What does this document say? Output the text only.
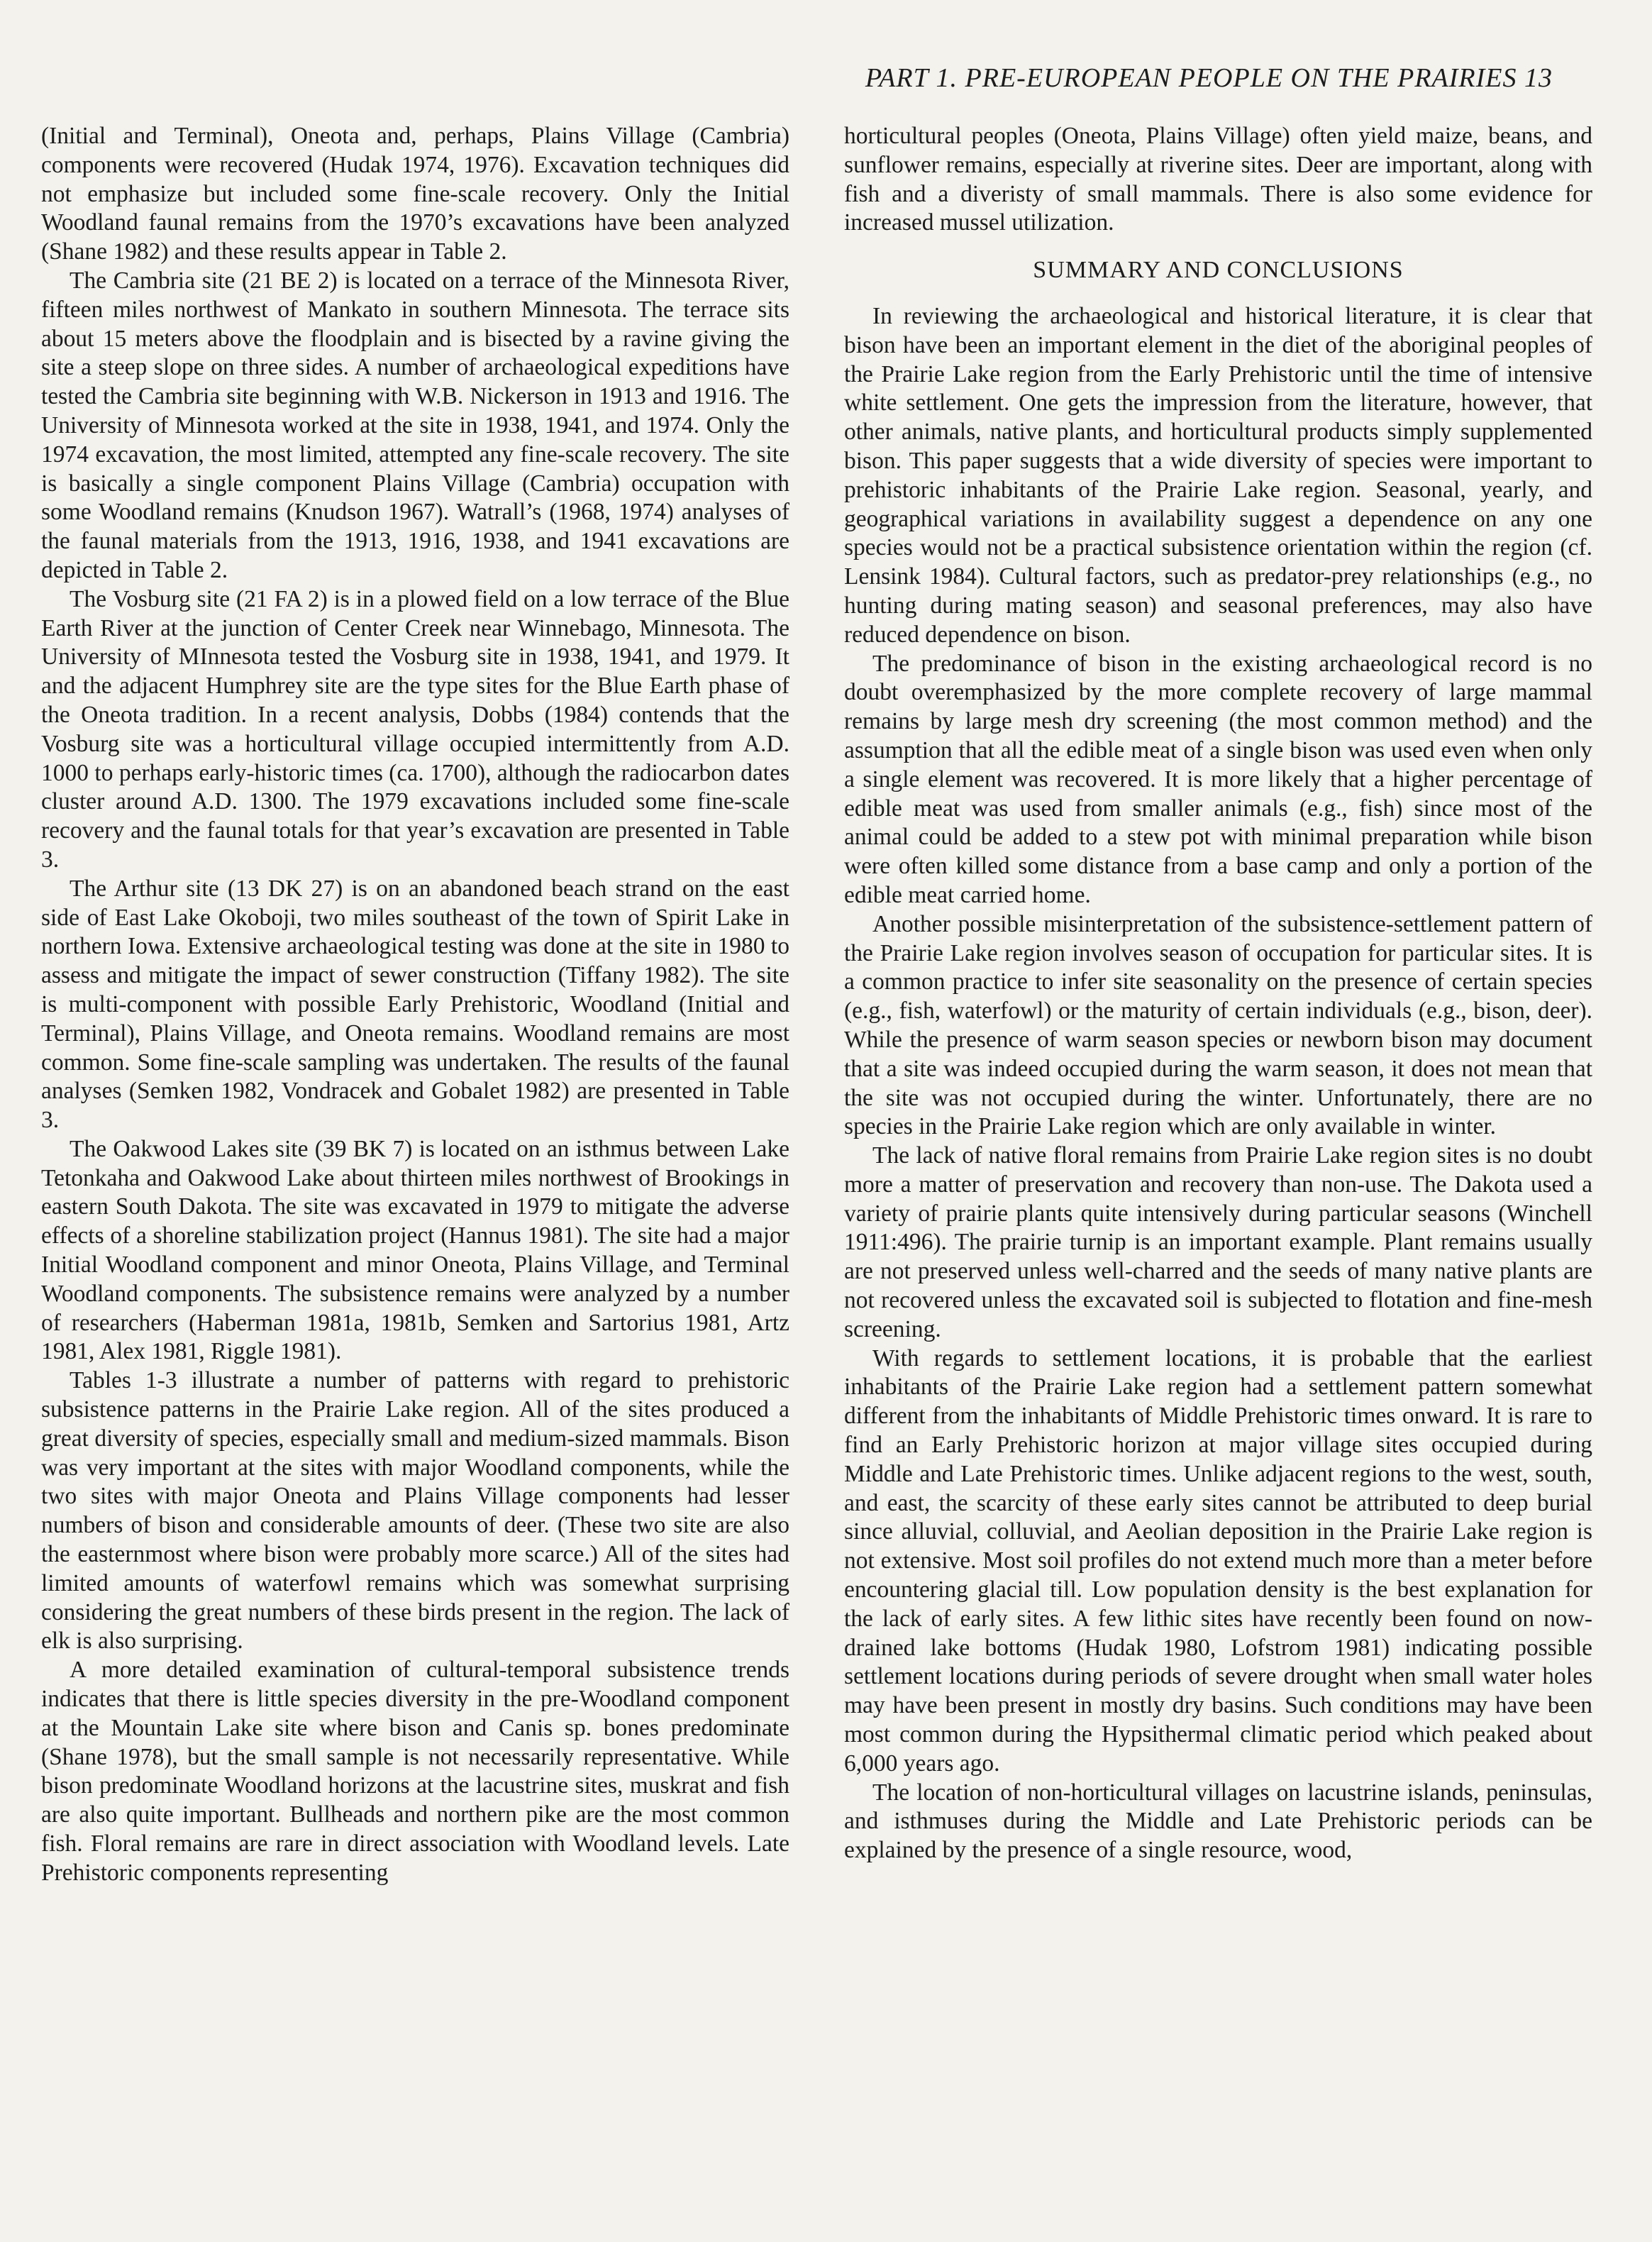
PART 1. PRE-EUROPEAN PEOPLE ON THE PRAIRIES 13

(Initial and Terminal), Oneota and, perhaps, Plains Village (Cambria) components were recovered (Hudak 1974, 1976). Excavation techniques did not emphasize but included some fine-scale recovery. Only the Initial Woodland faunal remains from the 1970’s excavations have been analyzed (Shane 1982) and these results appear in Table 2.

The Cambria site (21 BE 2) is located on a terrace of the Minnesota River, fifteen miles northwest of Mankato in southern Minnesota. The terrace sits about 15 meters above the floodplain and is bisected by a ravine giving the site a steep slope on three sides. A number of archaeological expeditions have tested the Cambria site beginning with W.B. Nickerson in 1913 and 1916. The University of Minnesota worked at the site in 1938, 1941, and 1974. Only the 1974 excavation, the most limited, attempted any fine-scale recovery. The site is basically a single component Plains Village (Cambria) occupation with some Woodland remains (Knudson 1967). Watrall’s (1968, 1974) analyses of the faunal materials from the 1913, 1916, 1938, and 1941 excavations are depicted in Table 2.

The Vosburg site (21 FA 2) is in a plowed field on a low terrace of the Blue Earth River at the junction of Center Creek near Winnebago, Minnesota. The University of MInnesota tested the Vosburg site in 1938, 1941, and 1979. It and the adjacent Humphrey site are the type sites for the Blue Earth phase of the Oneota tradition. In a recent analysis, Dobbs (1984) contends that the Vosburg site was a horticultural village occupied intermittently from A.D. 1000 to perhaps early-historic times (ca. 1700), although the radiocarbon dates cluster around A.D. 1300. The 1979 excavations included some fine-scale recovery and the faunal totals for that year’s excavation are presented in Table 3.

The Arthur site (13 DK 27) is on an abandoned beach strand on the east side of East Lake Okoboji, two miles southeast of the town of Spirit Lake in northern Iowa. Extensive archaeological testing was done at the site in 1980 to assess and mitigate the impact of sewer construction (Tiffany 1982). The site is multi-component with possible Early Prehistoric, Woodland (Initial and Terminal), Plains Village, and Oneota remains. Woodland remains are most common. Some fine-scale sampling was undertaken. The results of the faunal analyses (Semken 1982, Vondracek and Gobalet 1982) are presented in Table 3.

The Oakwood Lakes site (39 BK 7) is located on an isthmus between Lake Tetonkaha and Oakwood Lake about thirteen miles northwest of Brookings in eastern South Dakota. The site was excavated in 1979 to mitigate the adverse effects of a shoreline stabilization project (Hannus 1981). The site had a major Initial Woodland component and minor Oneota, Plains Village, and Terminal Woodland components. The subsistence remains were analyzed by a number of researchers (Haberman 1981a, 1981b, Semken and Sartorius 1981, Artz 1981, Alex 1981, Riggle 1981).

Tables 1-3 illustrate a number of patterns with regard to prehistoric subsistence patterns in the Prairie Lake region. All of the sites produced a great diversity of species, especially small and medium-sized mammals. Bison was very important at the sites with major Woodland components, while the two sites with major Oneota and Plains Village components had lesser numbers of bison and considerable amounts of deer. (These two site are also the easternmost where bison were probably more scarce.) All of the sites had limited amounts of waterfowl remains which was somewhat surprising considering the great numbers of these birds present in the region. The lack of elk is also surprising.

A more detailed examination of cultural-temporal subsistence trends indicates that there is little species diversity in the pre-Woodland component at the Mountain Lake site where bison and Canis sp. bones predominate (Shane 1978), but the small sample is not necessarily representative. While bison predominate Woodland horizons at the lacustrine sites, muskrat and fish are also quite important. Bullheads and northern pike are the most common fish. Floral remains are rare in direct association with Woodland levels. Late Prehistoric components representing

horticultural peoples (Oneota, Plains Village) often yield maize, beans, and sunflower remains, especially at riverine sites. Deer are important, along with fish and a diveristy of small mammals. There is also some evidence for increased mussel utilization.

SUMMARY AND CONCLUSIONS

In reviewing the archaeological and historical literature, it is clear that bison have been an important element in the diet of the aboriginal peoples of the Prairie Lake region from the Early Prehistoric until the time of intensive white settlement. One gets the impression from the literature, however, that other animals, native plants, and horticultural products simply supplemented bison. This paper suggests that a wide diversity of species were important to prehistoric inhabitants of the Prairie Lake region. Seasonal, yearly, and geographical variations in availability suggest a dependence on any one species would not be a practical subsistence orientation within the region (cf. Lensink 1984). Cultural factors, such as predator-prey relationships (e.g., no hunting during mating season) and seasonal preferences, may also have reduced dependence on bison.

The predominance of bison in the existing archaeological record is no doubt overemphasized by the more complete recovery of large mammal remains by large mesh dry screening (the most common method) and the assumption that all the edible meat of a single bison was used even when only a single element was recovered. It is more likely that a higher percentage of edible meat was used from smaller animals (e.g., fish) since most of the animal could be added to a stew pot with minimal preparation while bison were often killed some distance from a base camp and only a portion of the edible meat carried home.

Another possible misinterpretation of the subsistence-settlement pattern of the Prairie Lake region involves season of occupation for particular sites. It is a common practice to infer site seasonality on the presence of certain species (e.g., fish, waterfowl) or the maturity of certain individuals (e.g., bison, deer). While the presence of warm season species or newborn bison may document that a site was indeed occupied during the warm season, it does not mean that the site was not occupied during the winter. Unfortunately, there are no species in the Prairie Lake region which are only available in winter.

The lack of native floral remains from Prairie Lake region sites is no doubt more a matter of preservation and recovery than non-use. The Dakota used a variety of prairie plants quite intensively during particular seasons (Winchell 1911:496). The prairie turnip is an important example. Plant remains usually are not preserved unless well-charred and the seeds of many native plants are not recovered unless the excavated soil is subjected to flotation and fine-mesh screening.

With regards to settlement locations, it is probable that the earliest inhabitants of the Prairie Lake region had a settlement pattern somewhat different from the inhabitants of Middle Prehistoric times onward. It is rare to find an Early Prehistoric horizon at major village sites occupied during Middle and Late Prehistoric times. Unlike adjacent regions to the west, south, and east, the scarcity of these early sites cannot be attributed to deep burial since alluvial, colluvial, and Aeolian deposition in the Prairie Lake region is not extensive. Most soil profiles do not extend much more than a meter before encountering glacial till. Low population density is the best explanation for the lack of early sites. A few lithic sites have recently been found on now-drained lake bottoms (Hudak 1980, Lofstrom 1981) indicating possible settlement locations during periods of severe drought when small water holes may have been present in mostly dry basins. Such conditions may have been most common during the Hypsithermal climatic period which peaked about 6,000 years ago.

The location of non-horticultural villages on lacustrine islands, peninsulas, and isthmuses during the Middle and Late Prehistoric periods can be explained by the presence of a single resource, wood,
